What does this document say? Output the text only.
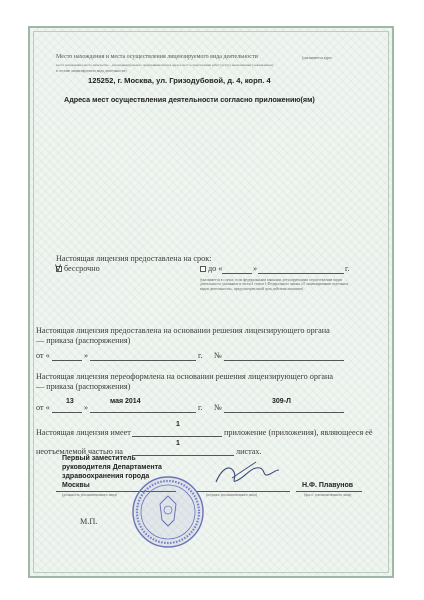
Место нахождения и места осуществления лицензируемого вида деятельности	(указываются адрес
места нахождения (место жительства – для индивидуального предпринимателя) и адреса мест осуществления работ (услуг), выполняемых (оказываемых)
в составе лицензируемого вида деятельности)
125252, г. Москва, ул. Гризодубовой, д. 4, корп. 4
Адреса мест осуществления деятельности согласно приложению(ям)
Настоящая лицензия предоставлена на срок:
V бессрочно	до «	»	г.
(указывается в случае, если федеральными законами, регулирующими осуществление видов деятельности, указанных в части 4 статьи 1 Федерального закона «О лицензировании отдельных видов деятельности», предусмотрен иной срок действия лицензии)
Настоящая лицензия предоставлена на основании решения лицензирующего органа
— приказа (распоряжения)
от «	»	г. №
Настоящая лицензия переоформлена на основании решения лицензирующего органа
— приказа (распоряжения)
от «
13
»
мая 2014
г. №
309-Л
Настоящая лицензия имеет
1
приложение (приложения), являющееся её
неотъемлемой частью на
1
листах.
Первый заместитель
руководителя Департамента
здравоохранения города
Москвы
(должность уполномоченного лица)	(подпись уполномоченного лица)
Н.Ф. Плавунов
(ф.и.о. уполномоченного лица)
М.П.
